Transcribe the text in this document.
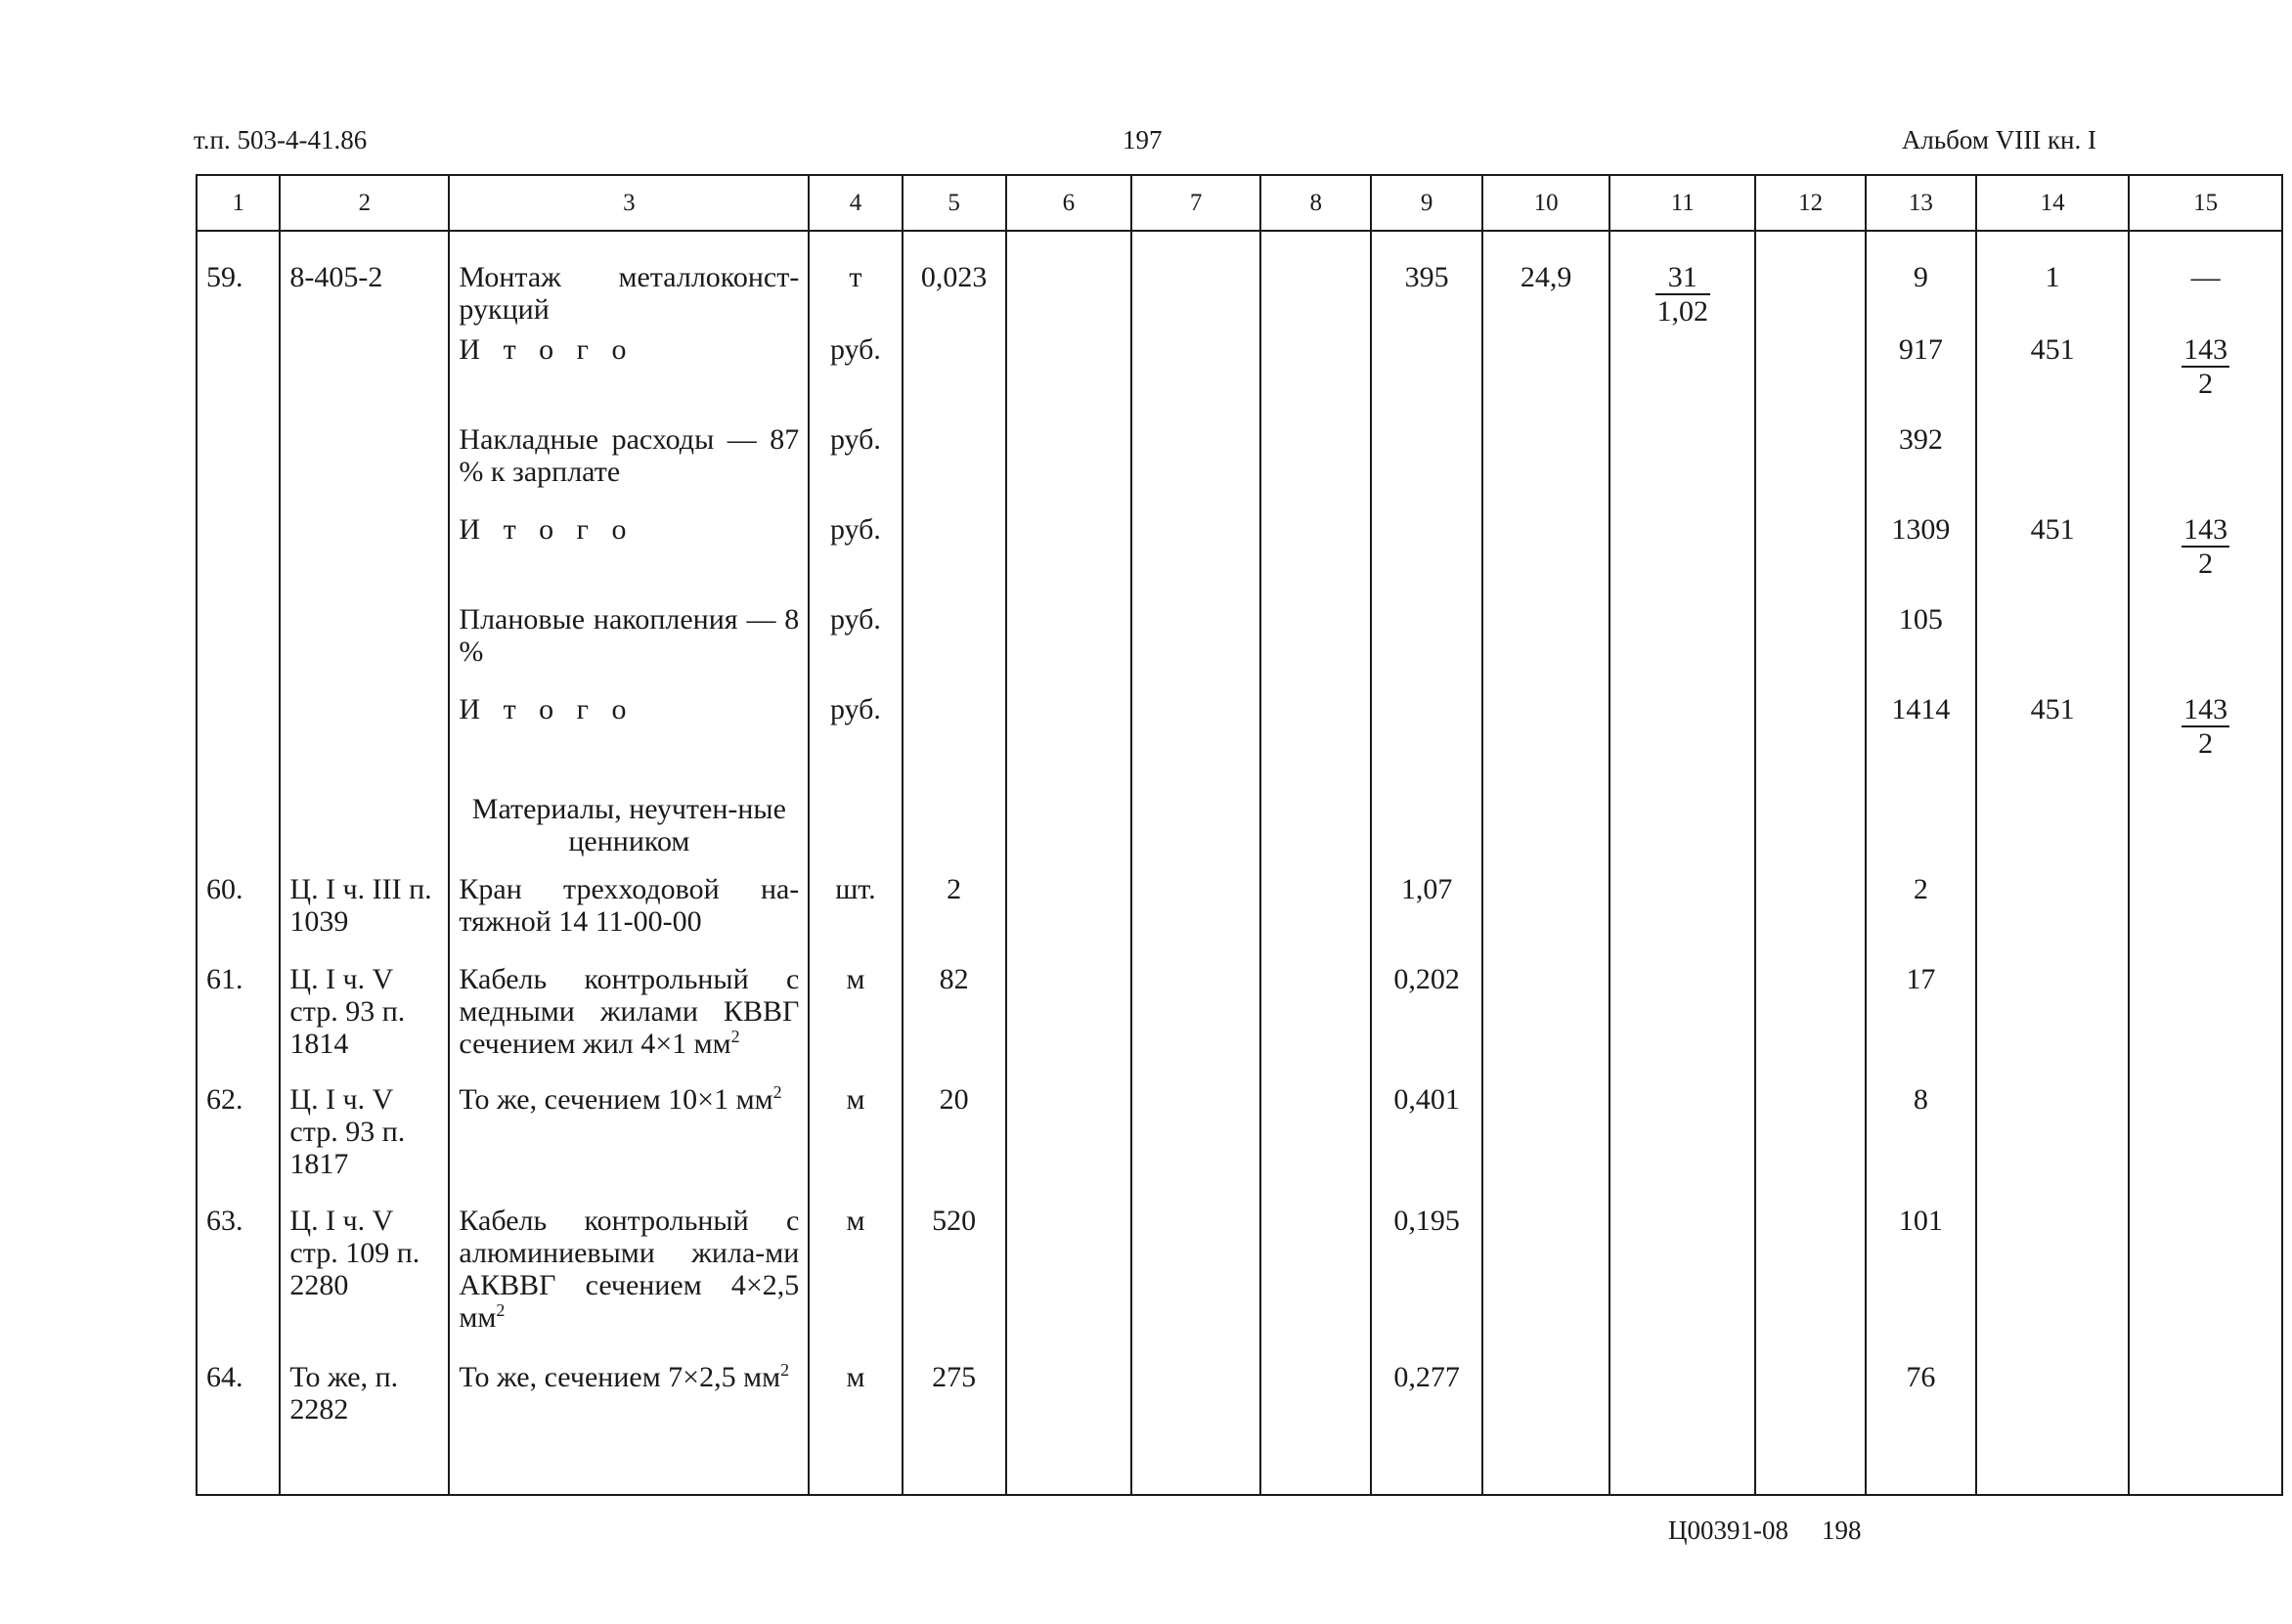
т.п. 503-4-41.86	197	Альбом VIII кн. I
1	2	3	4	5	6	7	8	9	10	11	12	13	14	15
59.	8-405-2	Монтаж металлоконст-рукций	т	0,023				395	24,9	$\frac{31}{1,02}$		9	1	—
		И т о г о	руб.									917	451	$\frac{143}{2}$

		Накладные расходы — 87 % к зарплате	руб.									392		
		И т о г о	руб.									1309	451	$\frac{143}{2}$

		Плановые накопления — 8 %	руб.									105		
		И т о г о	руб.									1414	451	$\frac{143}{2}$

		Материалы, неучтен-ные ценником												
60.	Ц. I ч. III п. 1039	Кран трехходовой на-тяжной 14 11-00-00	шт.	2				1,07				2		
61.	Ц. I ч. V стр. 93 п. 1814	Кабель контрольный с медными жилами КВВГ сечением жил 4×1 $мм^2$	м	82				0,202				17		
62.	Ц. I ч. V стр. 93 п. 1817	То же, сечением 10×1 $мм^2$	м	20				0,401				8		
63.	Ц. I ч. V стр. 109 п. 2280	Кабель контрольный с алюминиевыми жила-ми АКВВГ сечением 4×2,5 $мм^2$	м	520				0,195				101		
64.	То же, п. 2282	То же, сечением 7×2,5 $мм^2$	м	275				0,277				76		
Ц00391-08 198
